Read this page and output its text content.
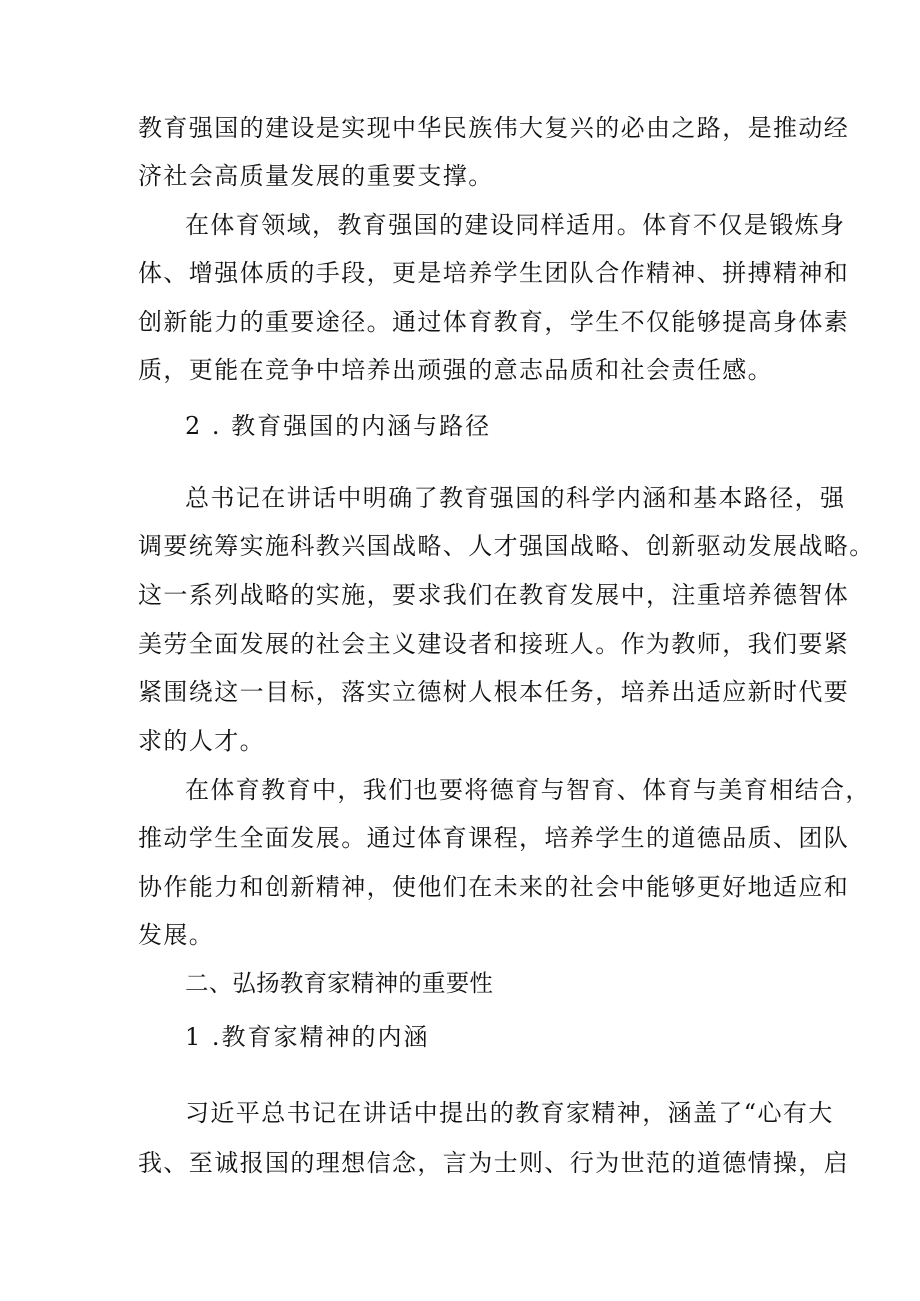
教育强国的建设是实现中华民族伟大复兴的必由之路，是推动经

济社会高质量发展的重要支撑。

在体育领域，教育强国的建设同样适用。体育不仅是锻炼身

体、增强体质的手段，更是培养学生团队合作精神、拼搏精神和

创新能力的重要途径。通过体育教育，学生不仅能够提高身体素

质，更能在竞争中培养出顽强的意志品质和社会责任感。

2 . 教育强国的内涵与路径

总书记在讲话中明确了教育强国的科学内涵和基本路径，强

调要统筹实施科教兴国战略、人才强国战略、创新驱动发展战略。

这一系列战略的实施，要求我们在教育发展中，注重培养德智体

美劳全面发展的社会主义建设者和接班人。作为教师，我们要紧

紧围绕这一目标，落实立德树人根本任务，培养出适应新时代要

求的人才。

在体育教育中，我们也要将德育与智育、体育与美育相结合，

推动学生全面发展。通过体育课程，培养学生的道德品质、团队

协作能力和创新精神，使他们在未来的社会中能够更好地适应和

发展。

二、弘扬教育家精神的重要性

1 .教育家精神的内涵

习近平总书记在讲话中提出的教育家精神，涵盖了“心有大

我、至诚报国的理想信念，言为士则、行为世范的道德情操，启
